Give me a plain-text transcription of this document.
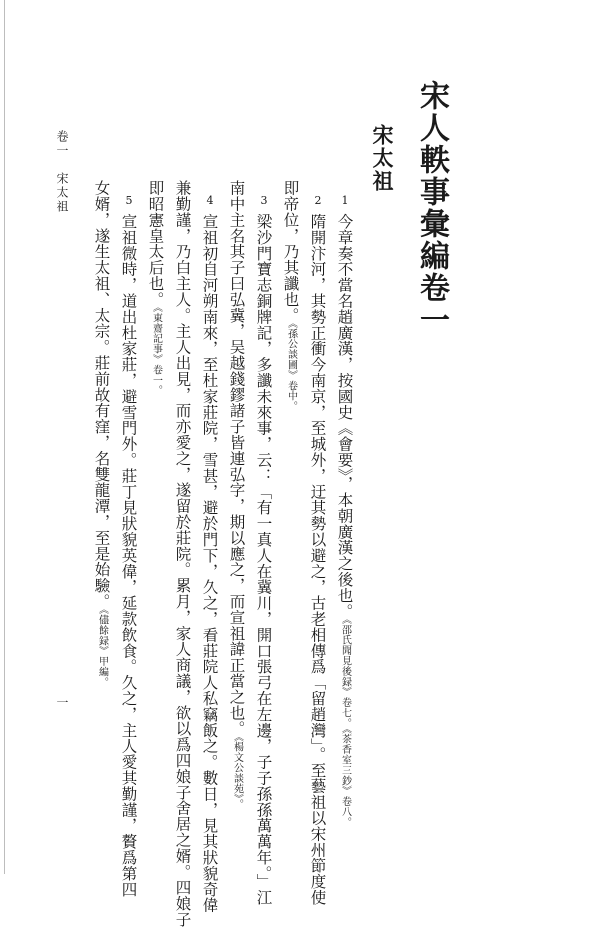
宋人軼事彙編卷一
宋太祖
1今章奏不當名趙廣漢，按國史《會要》，本朝廣漢之後也。《邵氏聞見後録》卷七。《茶香室三鈔》卷八。
2隋開汴河，其勢正衝今南京，至城外，迂其勢以避之，古老相傳爲「留趙灣」。至藝祖以宋州節度使
即帝位，乃其讖也。《孫公談圃》卷中。
3梁沙門寶志銅牌記，多讖未來事，云：「有一真人在冀川，開口張弓在左邊，子子孫孫萬萬年。」江
南中主名其子曰弘冀，吴越錢鏐諸子皆連弘字，期以應之，而宣祖諱正當之也。《楊文公談苑》。
4宣祖初自河朔南來，至杜家莊院，雪甚，避於門下，久之，看莊院人私竊飯之。數日，見其狀貌奇偉
兼勤謹，乃白主人。主人出見，而亦愛之，遂留於莊院。累月，家人商議，欲以爲四娘子舍居之婿。四娘子
即昭憲皇太后也。《東齋記事》卷一。
5宣祖微時，道出杜家莊，避雪門外。莊丁見狀貌英偉，延款飲食。久之，主人愛其勤謹，贅爲第四
女婿，遂生太祖、太宗。莊前故有窪，名雙龍潭，至是始驗。《儘餘録》甲編。
卷一　宋太祖
一
